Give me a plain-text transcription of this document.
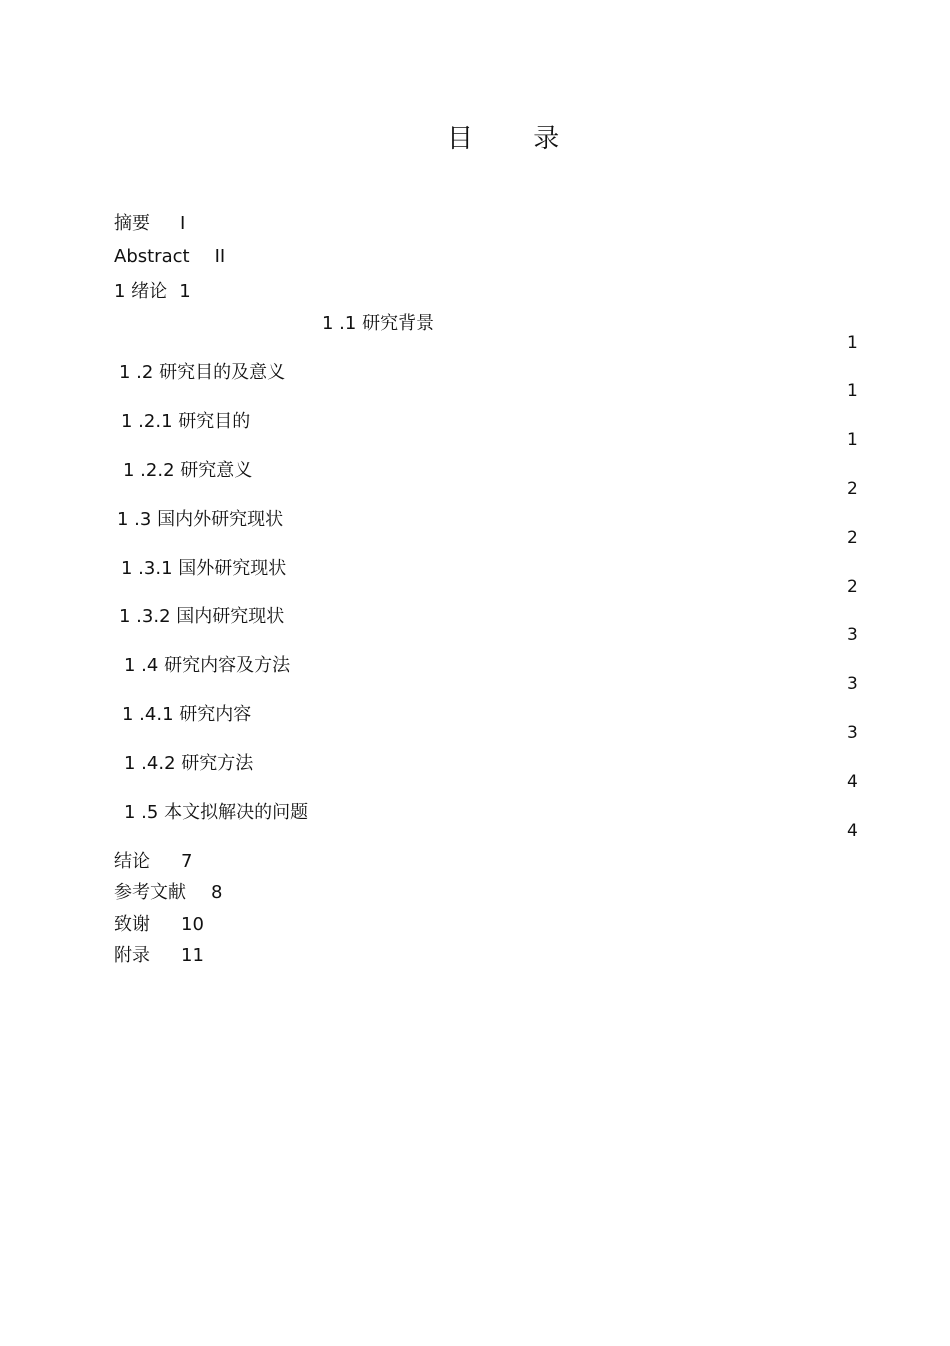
目 录
摘要 I
Abstract II
1 绪论 1
1 .1 研究背景
1
1 .2 研究目的及意义
1
1 .2.1 研究目的
1
1 .2.2 研究意义
2
1 .3 国内外研究现状
2
1 .3.1 国外研究现状
2
1 .3.2 国内研究现状
3
1 .4 研究内容及方法
3
1 .4.1 研究内容
3
1 .4.2 研究方法
4
1 .5 本文拟解决的问题
4
结论 7
参考文献 8
致谢 10
附录 11
